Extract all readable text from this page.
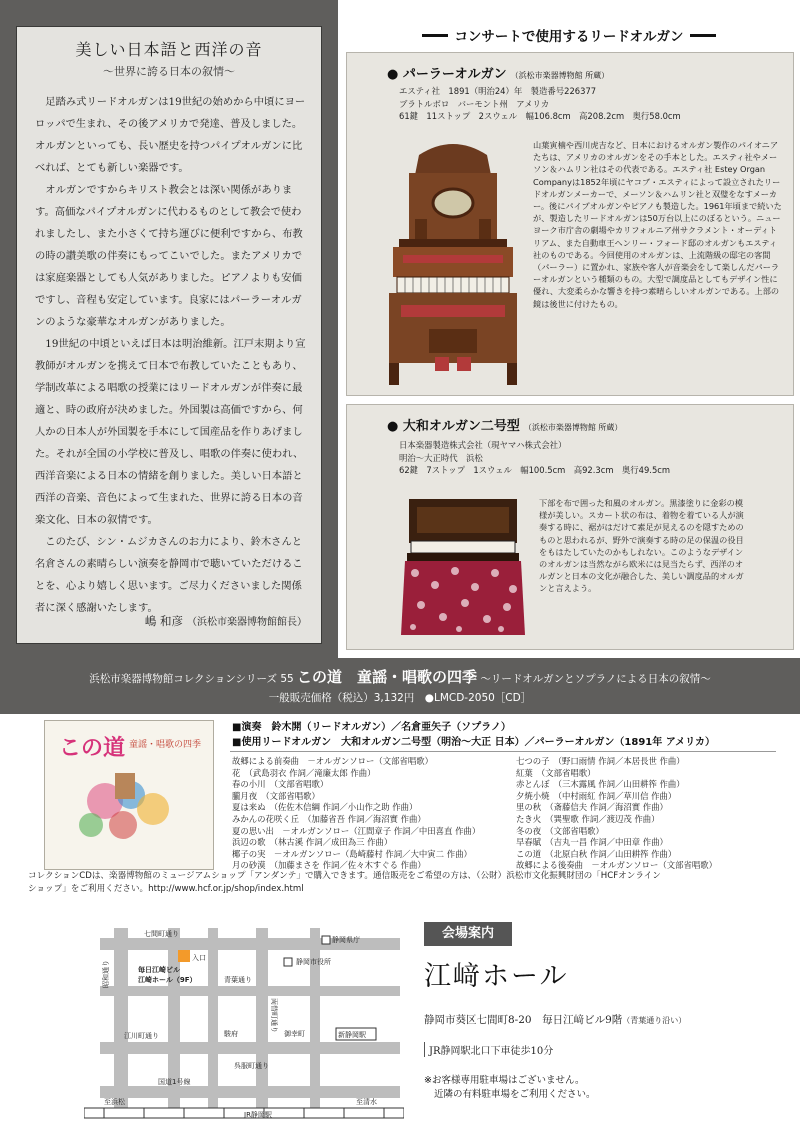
美しい日本語と西洋の音
～世界に誇る日本の叙情～

足踏み式リードオルガンは19世紀の始めから中頃にヨーロッパで生まれ、その後アメリカで発達、普及しました。オルガンといっても、長い歴史を持つパイプオルガンに比べれば、とても新しい楽器です。

オルガンですからキリスト教会とは深い関係があります。高価なパイプオルガンに代わるものとして教会で使われましたし、また小さくて持ち運びに便利ですから、布教の時の讃美歌の伴奏にもってこいでした。またアメリカでは家庭楽器としても人気がありました。ピアノよりも安価ですし、音程も安定しています。良家にはパーラーオルガンのような豪華なオルガンがありました。

19世紀の中頃といえば日本は明治維新。江戸末期より宣教師がオルガンを携えて日本で布教していたこともあり、学制改革による唱歌の授業にはリードオルガンが伴奏に最適と、時の政府が決めました。外国製は高価ですから、何人かの日本人が外国製を手本にして国産品を作りあげました。それが全国の小学校に普及し、唱歌の伴奏に使われ、西洋音楽による日本の情緒を創りました。美しい日本語と西洋の音楽、音色によって生まれた、世界に誇る日本の音楽文化、日本の叙情です。

このたび、シン・ムジカさんのお力により、鈴木さんと名倉さんの素晴らしい演奏を静岡市で聴いていただけることを、心より嬉しく思います。ご尽力くださいました関係者に深く感謝いたします。

嶋 和彦 （浜松市楽器博物館館長）
コンサートで使用するリードオルガン
● パーラーオルガン （浜松市楽器博物館 所蔵）
エスティ社　1891（明治24）年　製造番号226377
ブラトルボロ　バーモント州　アメリカ
61鍵　11ストップ　2スウェル　幅106.8cm　高208.2cm　奥行58.0cm
山葉寅楠や西川虎吉など、日本におけるオルガン製作のパイオニアたちは、アメリカのオルガンをその手本とした。エスティ社やメーソン＆ハムリン社はその代表である。エスティ社 Estey Organ Companyは1852年頃にヤコブ・エスティによって設立されたリードオルガンメーカーで、メーソン＆ハムリン社と双璧をなすメーカー。後にパイプオルガンやピアノも製造した。1961年頃まで続いたが、製造したリードオルガンは50万台以上にのぼるという。ニューヨーク市庁舎の劇場やカリフォルニア州サクラメント・オーディトリアム、また自動車王ヘンリー・フォード邸のオルガンもエスティ社のものである。今回使用のオルガンは、上流階級の邸宅の客間（パーラー）に置かれ、家族や客人が音楽会をして楽しんだパーラーオルガンという種類のもの。大型で調度品としてもデザイン性に優れ、大変柔らかな響きを持つ素晴らしいオルガンである。上部の鏡は後世に付けたもの。
● 大和オルガン二号型 （浜松市楽器博物館 所蔵）
日本楽器製造株式会社（現ヤマハ株式会社）
明治～大正時代　浜松
62鍵　7ストップ　1スウェル　幅100.5cm　高92.3cm　奥行49.5cm
下部を布で囲った和風のオルガン。黒漆塗りに金彩の模様が美しい。スカート状の布は、着物を着ている人が演奏する時に、裾がはだけて素足が見えるのを隠すためのものと思われるが、野外で演奏する時の足の保温の役目をもはたしていたのかもしれない。このようなデザインのオルガンは当然ながら欧米には見当たらず、西洋のオルガンと日本の文化が融合した、美しい調度品的オルガンと言えよう。
浜松市楽器博物館コレクションシリーズ 55 この道　童謡・唱歌の四季 ～リードオルガンとソプラノによる日本の叙情～
一般販売価格（税込）3,132円　●LMCD-2050［CD］
この道 童謡・唱歌の四季
■演奏　鈴木開（リードオルガン）／名倉亜矢子（ソプラノ）
■使用リードオルガン　大和オルガン二号型（明治～大正 日本）／パーラーオルガン（1891年 アメリカ）
故郷による前奏曲　－オルガンソロー（文部省唱歌）
花　（武島羽衣 作詞／滝廉太郎 作曲）
春の小川　（文部省唱歌）
朧月夜　（文部省唱歌）
夏は来ぬ　（佐佐木信綱 作詞／小山作之助 作曲）
みかんの花咲く丘　（加藤省吾 作詞／海沼實 作曲）
夏の思い出　－オルガンソロー（江間章子 作詞／中田喜直 作曲）
浜辺の歌　（林古溪 作詞／成田為三 作曲）
椰子の実　－オルガンソロー（島崎藤村 作詞／大中寅二 作曲）
月の砂漠　（加藤まさを 作詞／佐々木すぐる 作曲）
七つの子　（野口雨情 作詞／本居長世 作曲）
紅葉　（文部省唱歌）
赤とんぼ　（三木露風 作詞／山田耕筰 作曲）
夕焼小焼　（中村雨紅 作詞／草川信 作曲）
里の秋　（斎藤信夫 作詞／海沼實 作曲）
たき火　（巽聖歌 作詞／渡辺茂 作曲）
冬の夜　（文部省唱歌）
早春賦　（吉丸一昌 作詞／中田章 作曲）
この道　（北原白秋 作詞／山田耕筰 作曲）
故郷による後奏曲　－オルガンソロー（文部省唱歌）
コレクションCDは、楽器博物館のミュージアムショップ「アンダンテ」で購入できます。通信販売をご希望の方は、（公財）浜松市文化振興財団の「HCFオンライン
ショップ」をご利用ください。http://www.hcf.or.jp/shop/index.html
七間町通り
昭和通り	青葉通り
江川町通り
国道1号線
呉服町通り
両替町通り
静岡県庁
静岡市役所
入口
毎日江崎ビル
江崎ホール（9F）
JR静岡駅
新静岡駅
御幸町
至浜松	至清水
駿府
会場案内
江﨑ホール
静岡市葵区七間町8-20　毎日江﨑ビル9階（青葉通り沿い）
JR静岡駅北口下車徒歩10分
※お客様専用駐車場はございません。
近隣の有料駐車場をご利用ください。
